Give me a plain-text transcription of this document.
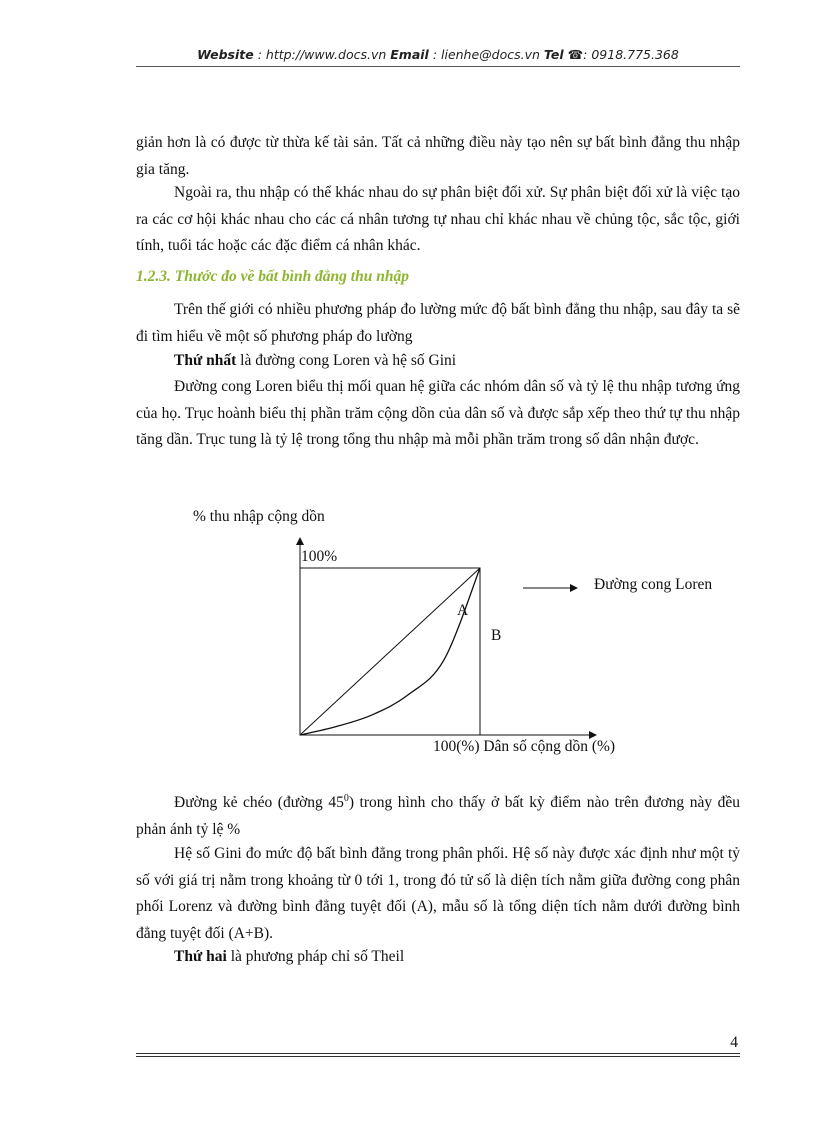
Website : http://www.docs.vn Email : lienhe@docs.vn Tel ☎: 0918.775.368
giản hơn là có được từ thừa kế tài sản. Tất cả những điều này tạo nên sự bất bình đẳng thu nhập gia tăng.
Ngoài ra, thu nhập có thể khác nhau do sự phân biệt đối xử. Sự phân biệt đối xử là việc tạo ra các cơ hội khác nhau cho các cá nhân tương tự nhau chỉ khác nhau về chủng tộc, sắc tộc, giới tính, tuổi tác hoặc các đặc điểm cá nhân khác.
1.2.3. Thước đo về bất bình đẳng thu nhập
Trên thế giới có nhiều phương pháp đo lường mức độ bất bình đẳng thu nhập, sau đây ta sẽ đi tìm hiểu về một số phương pháp đo lường
Thứ nhất là đường cong Loren và hệ số Gini
Đường cong Loren biểu thị mối quan hệ giữa các nhóm dân số và tỷ lệ thu nhập tương ứng của họ. Trục hoành biểu thị phần trăm cộng dồn của dân số và được sắp xếp theo thứ tự thu nhập tăng dần. Trục tung là tỷ lệ trong tổng thu nhập mà mỗi phần trăm trong số dân nhận được.
% thu nhập cộng dồn
100%
Đường cong Loren
A
B
100(%) Dân số cộng dồn (%)
Đường kẻ chéo (đường $45^0$) trong hình cho thấy ở bất kỳ điểm nào trên đương này đều phản ánh tỷ lệ %
Hệ số Gini đo mức độ bất bình đẳng trong phân phối. Hệ số này được xác định như một tỷ số với giá trị nằm trong khoảng từ 0 tới 1, trong đó tử số là diện tích nằm giữa đường cong phân phối Lorenz và đường bình đẳng tuyệt đối (A), mẫu số là tổng diện tích nằm dưới đường bình đẳng tuyệt đối (A+B).
Thứ hai là phương pháp chỉ số Theil
4
